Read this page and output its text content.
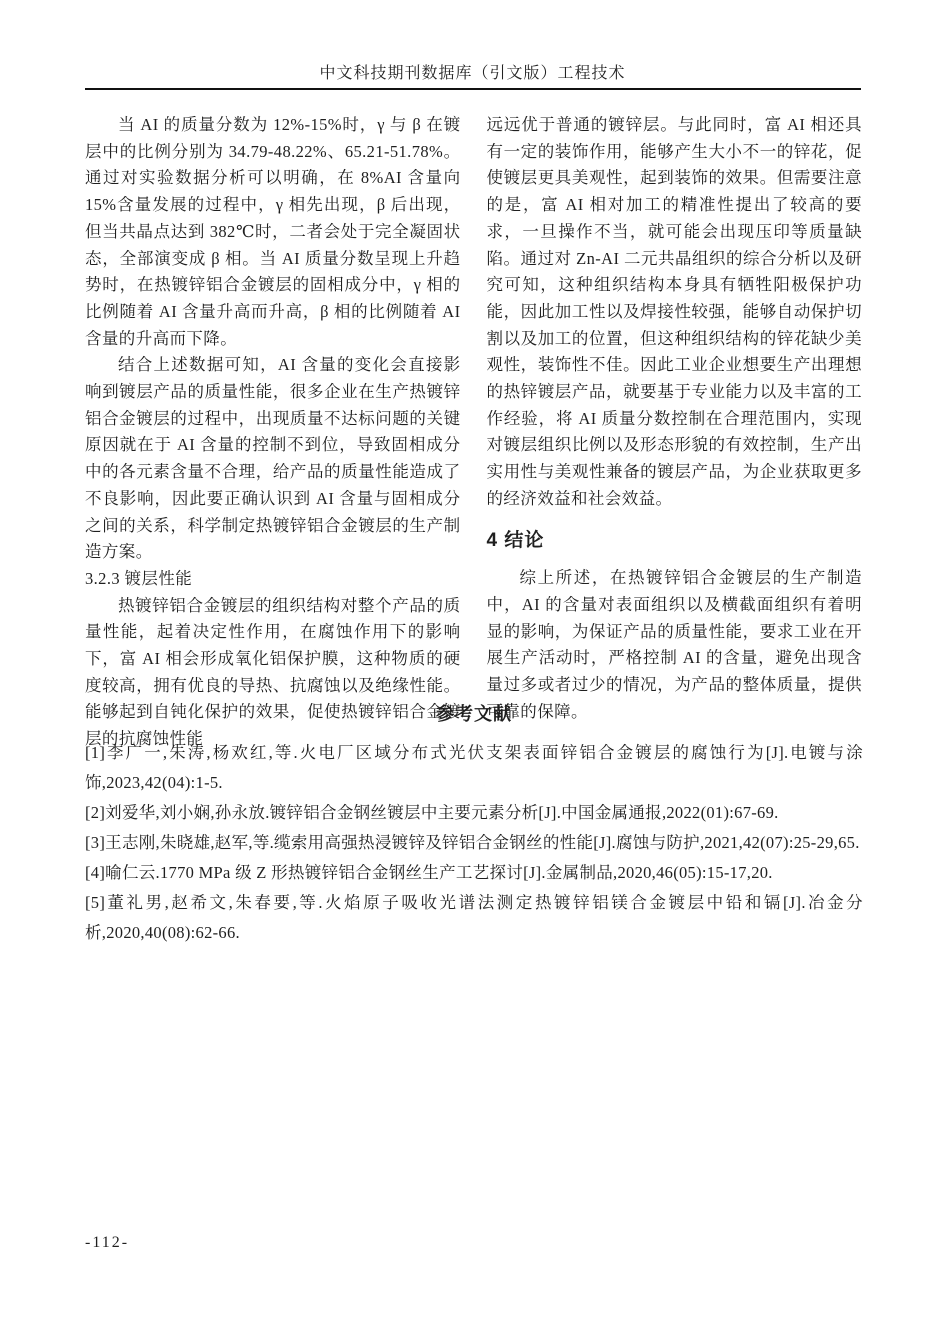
中文科技期刊数据库（引文版）工程技术

当 AI 的质量分数为 12%-15%时，γ 与 β 在镀层中的比例分别为 34.79-48.22%、65.21-51.78%。通过对实验数据分析可以明确，在 8%AI 含量向 15%含量发展的过程中，γ 相先出现，β 后出现，但当共晶点达到 382℃时，二者会处于完全凝固状态，全部演变成 β 相。当 AI 质量分数呈现上升趋势时，在热镀锌铝合金镀层的固相成分中，γ 相的比例随着 AI 含量升高而升高，β 相的比例随着 AI 含量的升高而下降。

结合上述数据可知，AI 含量的变化会直接影响到镀层产品的质量性能，很多企业在生产热镀锌铝合金镀层的过程中，出现质量不达标问题的关键原因就在于 AI 含量的控制不到位，导致固相成分中的各元素含量不合理，给产品的质量性能造成了不良影响，因此要正确认识到 AI 含量与固相成分之间的关系，科学制定热镀锌铝合金镀层的生产制造方案。

3.2.3 镀层性能

热镀锌铝合金镀层的组织结构对整个产品的质量性能，起着决定性作用，在腐蚀作用下的影响下，富 AI 相会形成氧化铝保护膜，这种物质的硬度较高，拥有优良的导热、抗腐蚀以及绝缘性能。能够起到自钝化保护的效果，促使热镀锌铝合金镀层的抗腐蚀性能

远远优于普通的镀锌层。与此同时，富 AI 相还具有一定的装饰作用，能够产生大小不一的锌花，促使镀层更具美观性，起到装饰的效果。但需要注意的是，富 AI 相对加工的精准性提出了较高的要求，一旦操作不当，就可能会出现压印等质量缺陷。通过对 Zn-AI 二元共晶组织的综合分析以及研究可知，这种组织结构本身具有牺牲阳极保护功能，因此加工性以及焊接性较强，能够自动保护切割以及加工的位置，但这种组织结构的锌花缺少美观性，装饰性不佳。因此工业企业想要生产出理想的热锌镀层产品，就要基于专业能力以及丰富的工作经验，将 AI 质量分数控制在合理范围内，实现对镀层组织比例以及形态形貌的有效控制，生产出实用性与美观性兼备的镀层产品，为企业获取更多的经济效益和社会效益。

4 结论

综上所述，在热镀锌铝合金镀层的生产制造中，AI 的含量对表面组织以及横截面组织有着明显的影响，为保证产品的质量性能，要求工业在开展生产活动时，严格控制 AI 的含量，避免出现含量过多或者过少的情况，为产品的整体质量，提供可靠的保障。

参考文献

[1]李广一,朱涛,杨欢红,等.火电厂区域分布式光伏支架表面锌铝合金镀层的腐蚀行为[J].电镀与涂饰,2023,42(04):1-5.

[2]刘爱华,刘小娴,孙永放.镀锌铝合金钢丝镀层中主要元素分析[J].中国金属通报,2022(01):67-69.

[3]王志刚,朱晓雄,赵军,等.缆索用高强热浸镀锌及锌铝合金钢丝的性能[J].腐蚀与防护,2021,42(07):25-29,65.

[4]喻仁云.1770 MPa 级 Z 形热镀锌铝合金钢丝生产工艺探讨[J].金属制品,2020,46(05):15-17,20.

[5]董礼男,赵希文,朱春要,等.火焰原子吸收光谱法测定热镀锌铝镁合金镀层中铅和镉[J].冶金分析,2020,40(08):62-66.

-112-
